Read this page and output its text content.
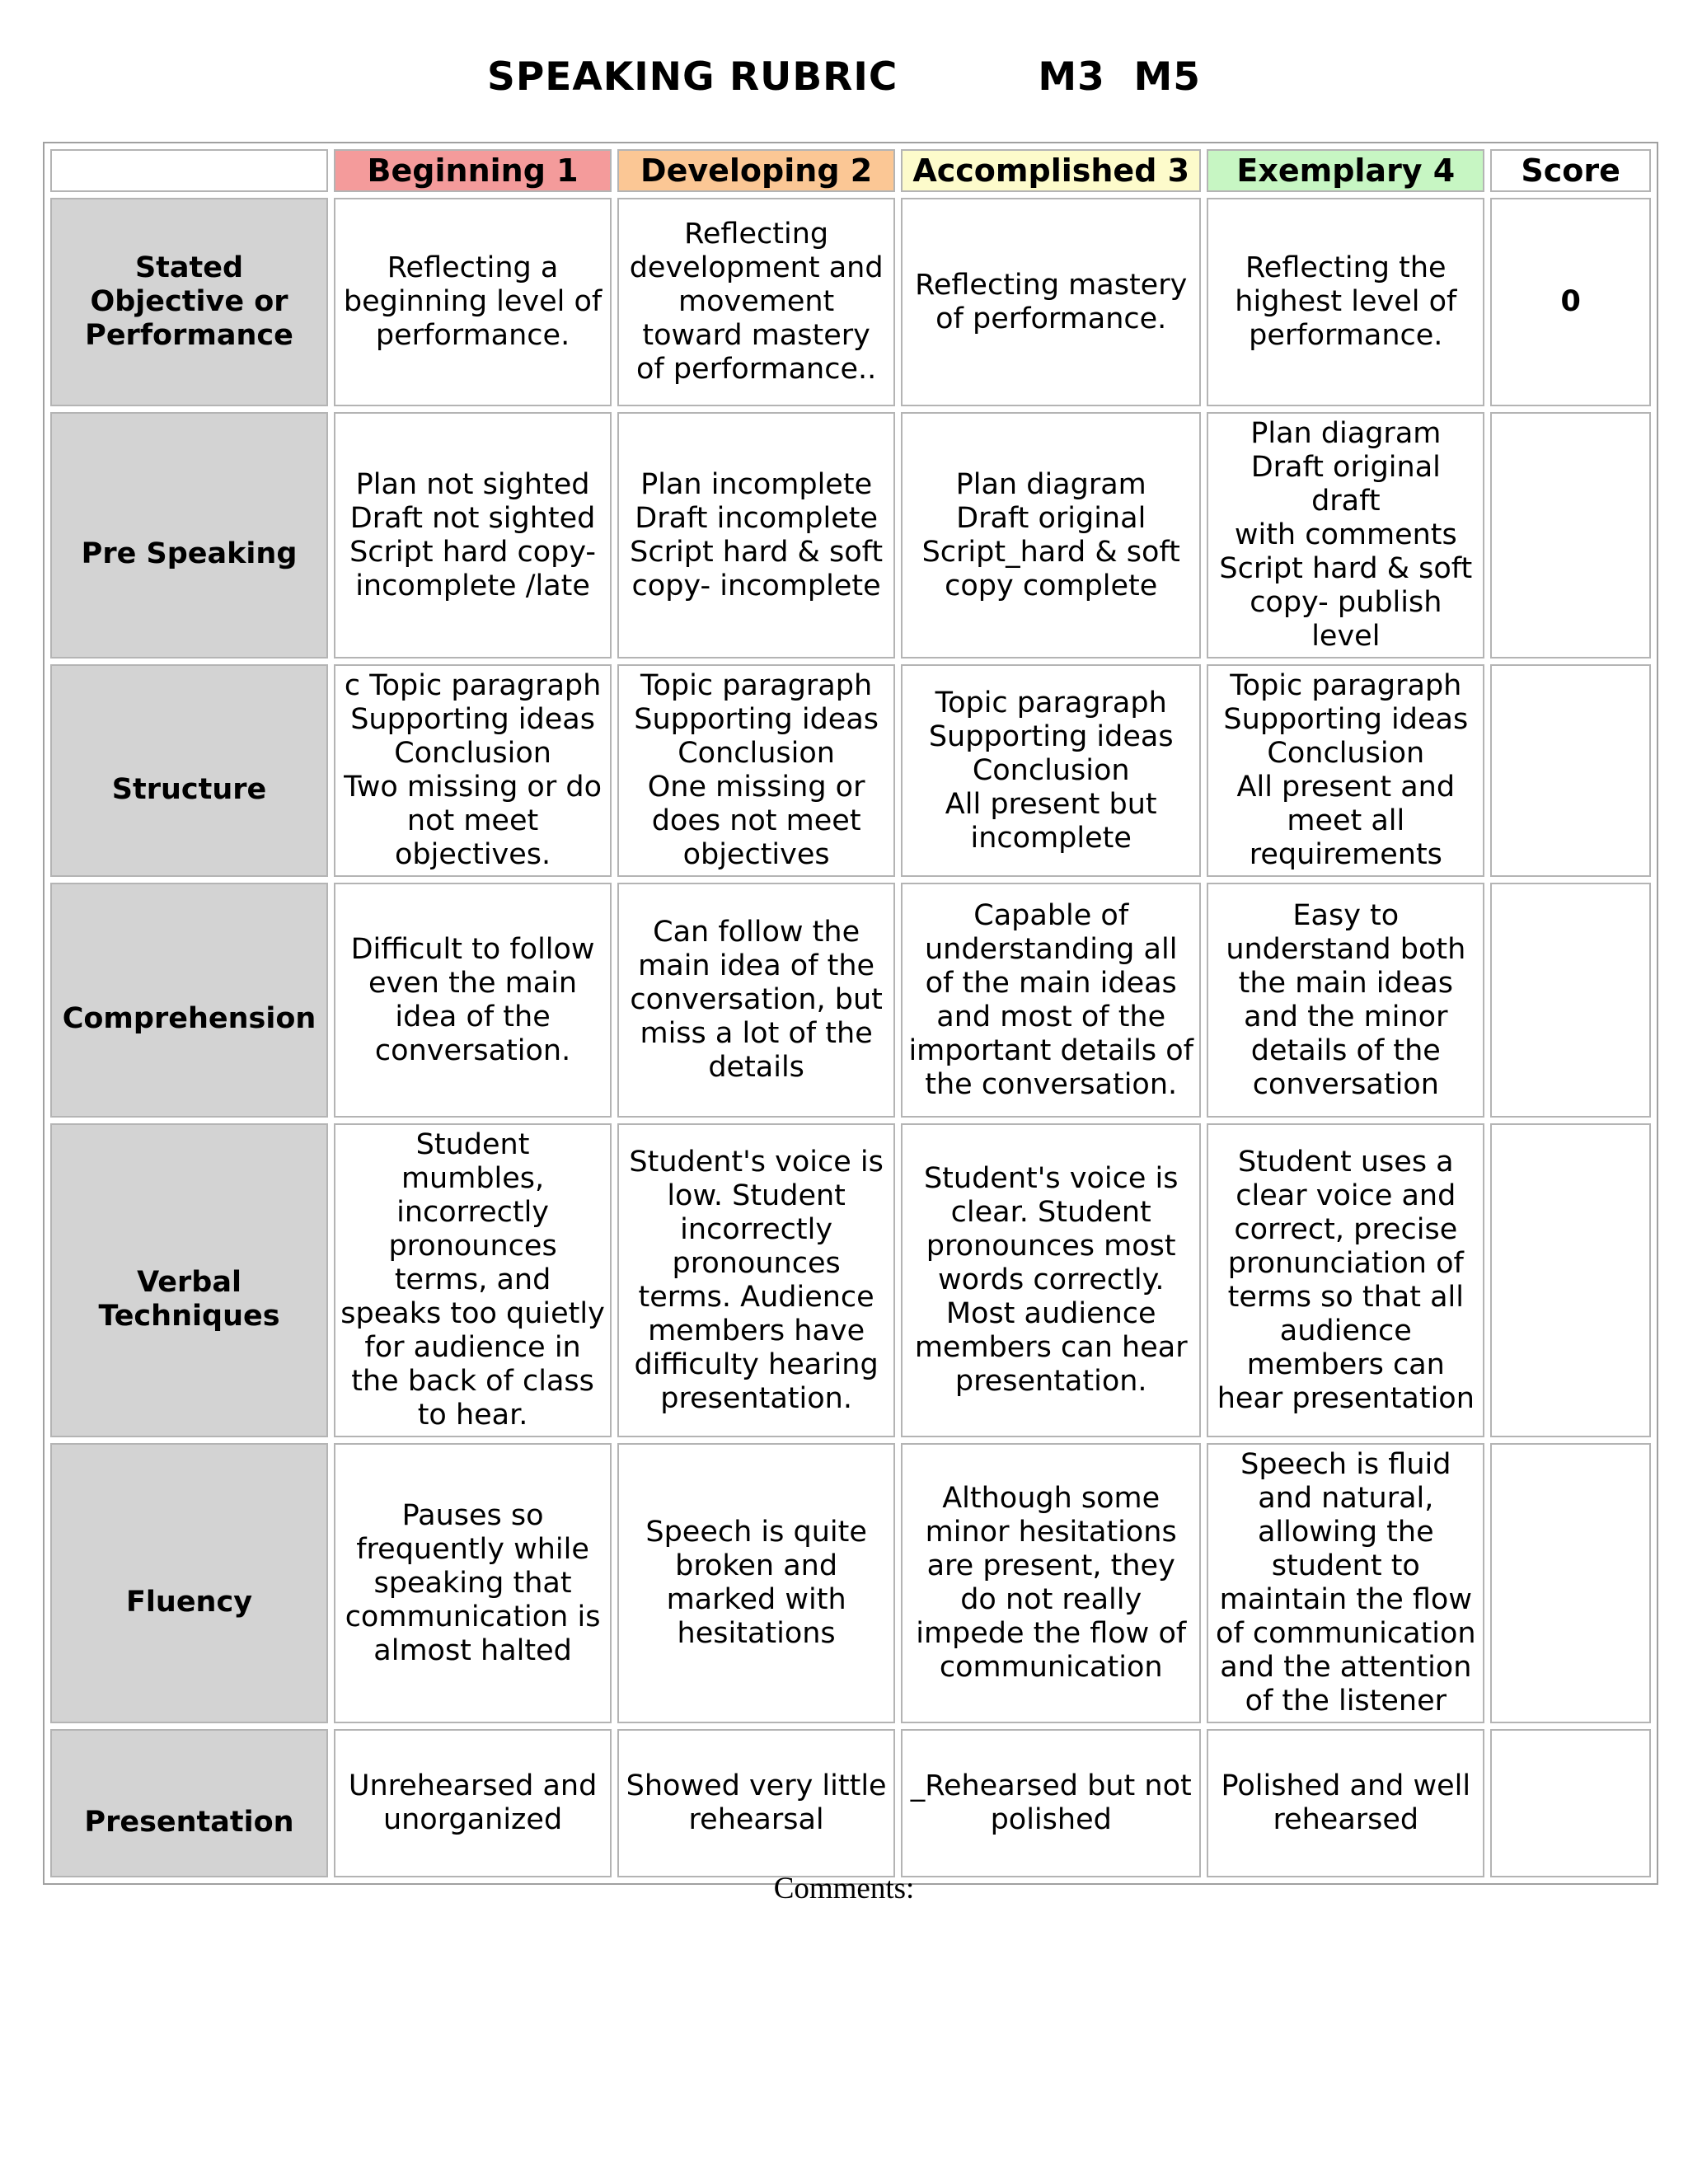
SPEAKING RUBRIC	M3  M5
	Beginning 1	Developing 2	Accomplished 3	Exemplary 4	Score
Stated Objective or Performance	Reflecting a beginning level of performance.	Reflecting development and movement toward mastery of performance..	Reflecting mastery of performance.	Reflecting the highest level of performance.	0
Pre Speaking	Plan not sighted
Draft not sighted
Script hard copy-
incomplete /late	Plan incomplete
Draft incomplete
Script hard & soft
copy- incomplete	Plan diagram
Draft original
Script_hard & soft
copy complete	Plan diagram
Draft original draft
with comments
Script hard & soft
copy- publish level	

Structure	c Topic paragraph
Supporting ideas
Conclusion
Two missing or do not meet objectives.	Topic paragraph
Supporting ideas
Conclusion
One missing or does not meet objectives	Topic paragraph
Supporting ideas
Conclusion
All present but incomplete	Topic paragraph
Supporting ideas
Conclusion
All present and meet all requirements	

Comprehension	Difficult to follow even the main idea of the conversation.	Can follow the main idea of the conversation, but miss a lot of the details	Capable of understanding all of the main ideas and most of the important details of the conversation.	Easy to understand both the main ideas and the minor details of the conversation	
Verbal Techniques	Student mumbles, incorrectly pronounces terms, and speaks too quietly for audience in the back of class to hear.	Student's voice is low. Student incorrectly pronounces terms. Audience members have difficulty hearing presentation.	Student's voice is clear. Student pronounces most words correctly. Most audience members can hear presentation.	Student uses a clear voice and correct, precise pronunciation of terms so that all audience members can hear presentation	
Fluency	Pauses so frequently while speaking that communication is almost halted	Speech is quite broken and marked with hesitations	Although some minor hesitations are present, they do not really impede the flow of communication	Speech is fluid and natural, allowing the student to maintain the flow of communication and the attention of the listener	
Presentation	Unrehearsed and unorganized	Showed very little rehearsal	_Rehearsed but not polished	Polished and well rehearsed	
Comments:
